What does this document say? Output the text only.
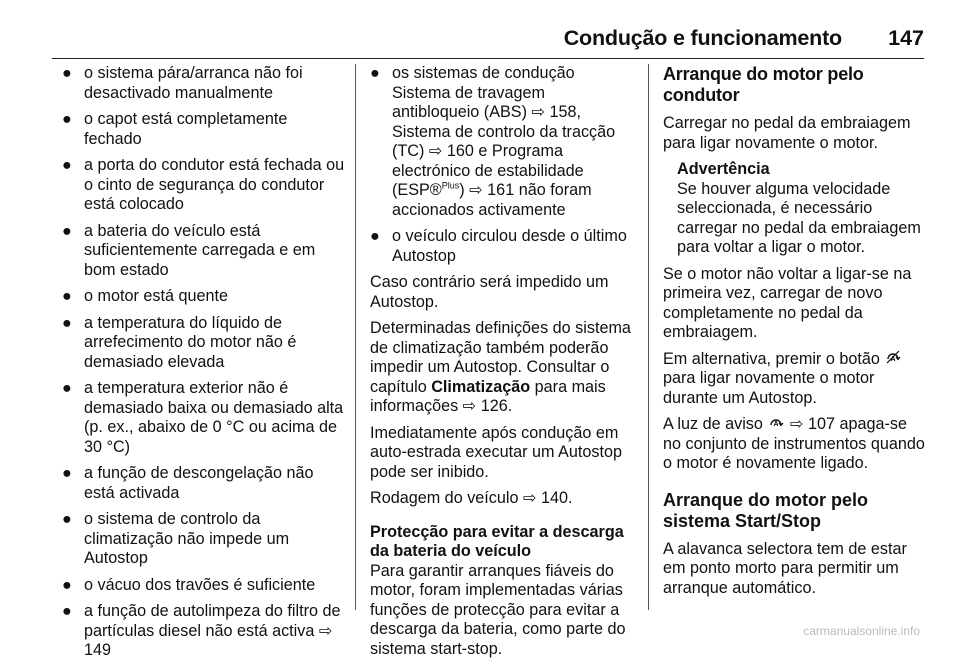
Condução e funcionamento 147
● o sistema pára/arranca não foi desactivado manualmente
● o capot está completamente fechado
● a porta do condutor está fechada ou o cinto de segurança do condutor está colocado
● a bateria do veículo está suficientemente carregada e em bom estado
● o motor está quente
● a temperatura do líquido de arrefecimento do motor não é demasiado elevada
● a temperatura exterior não é demasiado baixa ou demasiado alta (p. ex., abaixo de 0 °C ou acima de 30 °C)
● a função de descongelação não está activada
● o sistema de controlo da climatização não impede um Autostop
● o vácuo dos travões é suficiente
● a função de autolimpeza do filtro de partículas diesel não está activa ⇨ 149
● os sistemas de condução Sistema de travagem antibloqueio (ABS) ⇨ 158, Sistema de controlo da tracção (TC) ⇨ 160 e Programa electrónico de estabilidade (ESP®$^{Plus}$) ⇨ 161 não foram accionados activamente
● o veículo circulou desde o último Autostop

Caso contrário será impedido um Autostop.

Determinadas definições do sistema de climatização também poderão impedir um Autostop. Consultar o capítulo Climatização para mais informações ⇨ 126.

Imediatamente após condução em auto-estrada executar um Autostop pode ser inibido.

Rodagem do veículo ⇨ 140.

Protecção para evitar a descarga da bateria do veículo

Para garantir arranques fiáveis do motor, foram implementadas várias funções de protecção para evitar a descarga da bateria, como parte do sistema start-stop.

Arranque do motor pelo condutor

Carregar no pedal da embraiagem para ligar novamente o motor.

Advertência
Se houver alguma velocidade seleccionada, é necessário carregar no pedal da embraiagem para voltar a ligar o motor.

Se o motor não voltar a ligar-se na primeira vez, carregar de novo completamente no pedal da embraiagem.

Em alternativa, premir o botão A
para ligar novamente o motor durante um Autostop.

A luz de aviso A ⇨ 107 apaga-se no conjunto de instrumentos quando o motor é novamente ligado.

Arranque do motor pelo sistema Start/Stop

A alavanca selectora tem de estar em ponto morto para permitir um arranque automático.

carmanualsonline.info
